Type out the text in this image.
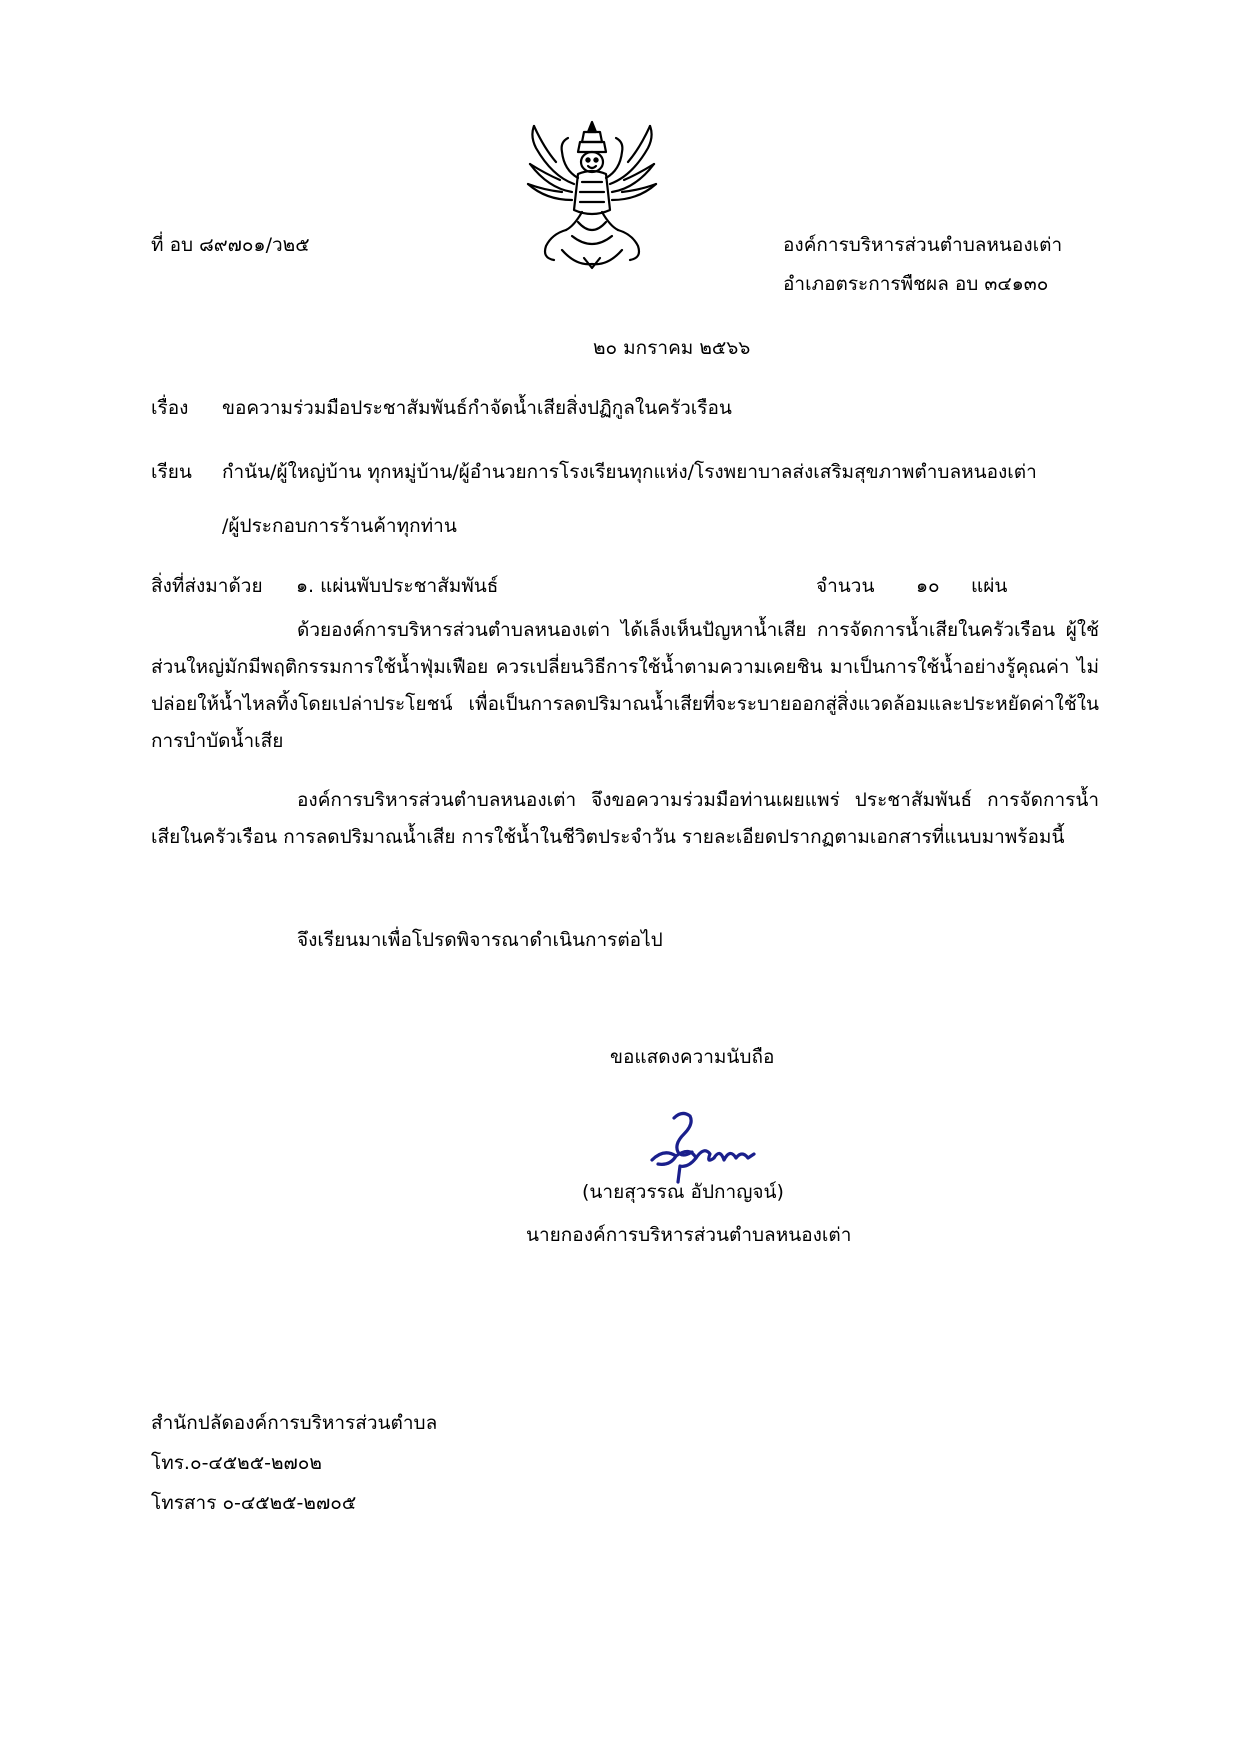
ที่ อบ ๘๙๗๐๑/ว๒๕	องค์การบริหารส่วนตำบลหนองเต่า
อำเภอตระการพืชผล อบ ๓๔๑๓๐
๒๐ มกราคม ๒๕๖๖
เรื่อง ขอความร่วมมือประชาสัมพันธ์กำจัดน้ำเสียสิ่งปฏิกูลในครัวเรือน
เรียน กำนัน/ผู้ใหญ่บ้าน ทุกหมู่บ้าน/ผู้อำนวยการโรงเรียนทุกแห่ง/โรงพยาบาลส่งเสริมสุขภาพตำบลหนองเต่า
/ผู้ประกอบการร้านค้าทุกท่าน
สิ่งที่ส่งมาด้วย ๑. แผ่นพับประชาสัมพันธ์	จำนวน ๑๐ แผ่น
ด้วยองค์การบริหารส่วนตำบลหนองเต่า ได้เล็งเห็นปัญหาน้ำเสีย การจัดการน้ำเสียในครัวเรือน ผู้ใช้ส่วนใหญ่มักมีพฤติกรรมการใช้น้ำฟุ่มเฟือย ควรเปลี่ยนวิธีการใช้น้ำตามความเคยชิน มาเป็นการใช้น้ำอย่างรู้คุณค่า ไม่ปล่อยให้น้ำไหลทิ้งโดยเปล่าประโยชน์ เพื่อเป็นการลดปริมาณน้ำเสียที่จะระบายออกสู่สิ่งแวดล้อมและประหยัดค่าใช้ในการบำบัดน้ำเสีย
องค์การบริหารส่วนตำบลหนองเต่า จึงขอความร่วมมือท่านเผยแพร่ ประชาสัมพันธ์ การจัดการน้ำเสียในครัวเรือน การลดปริมาณน้ำเสีย การใช้น้ำในชีวิตประจำวัน รายละเอียดปรากฏตามเอกสารที่แนบมาพร้อมนี้
จึงเรียนมาเพื่อโปรดพิจารณาดำเนินการต่อไป
ขอแสดงความนับถือ
(นายสุวรรณ อัปกาญจน์)
นายกองค์การบริหารส่วนตำบลหนองเต่า
สำนักปลัดองค์การบริหารส่วนตำบล
โทร.๐-๔๕๒๕-๒๗๐๒
โทรสาร ๐-๔๕๒๕-๒๗๐๕
